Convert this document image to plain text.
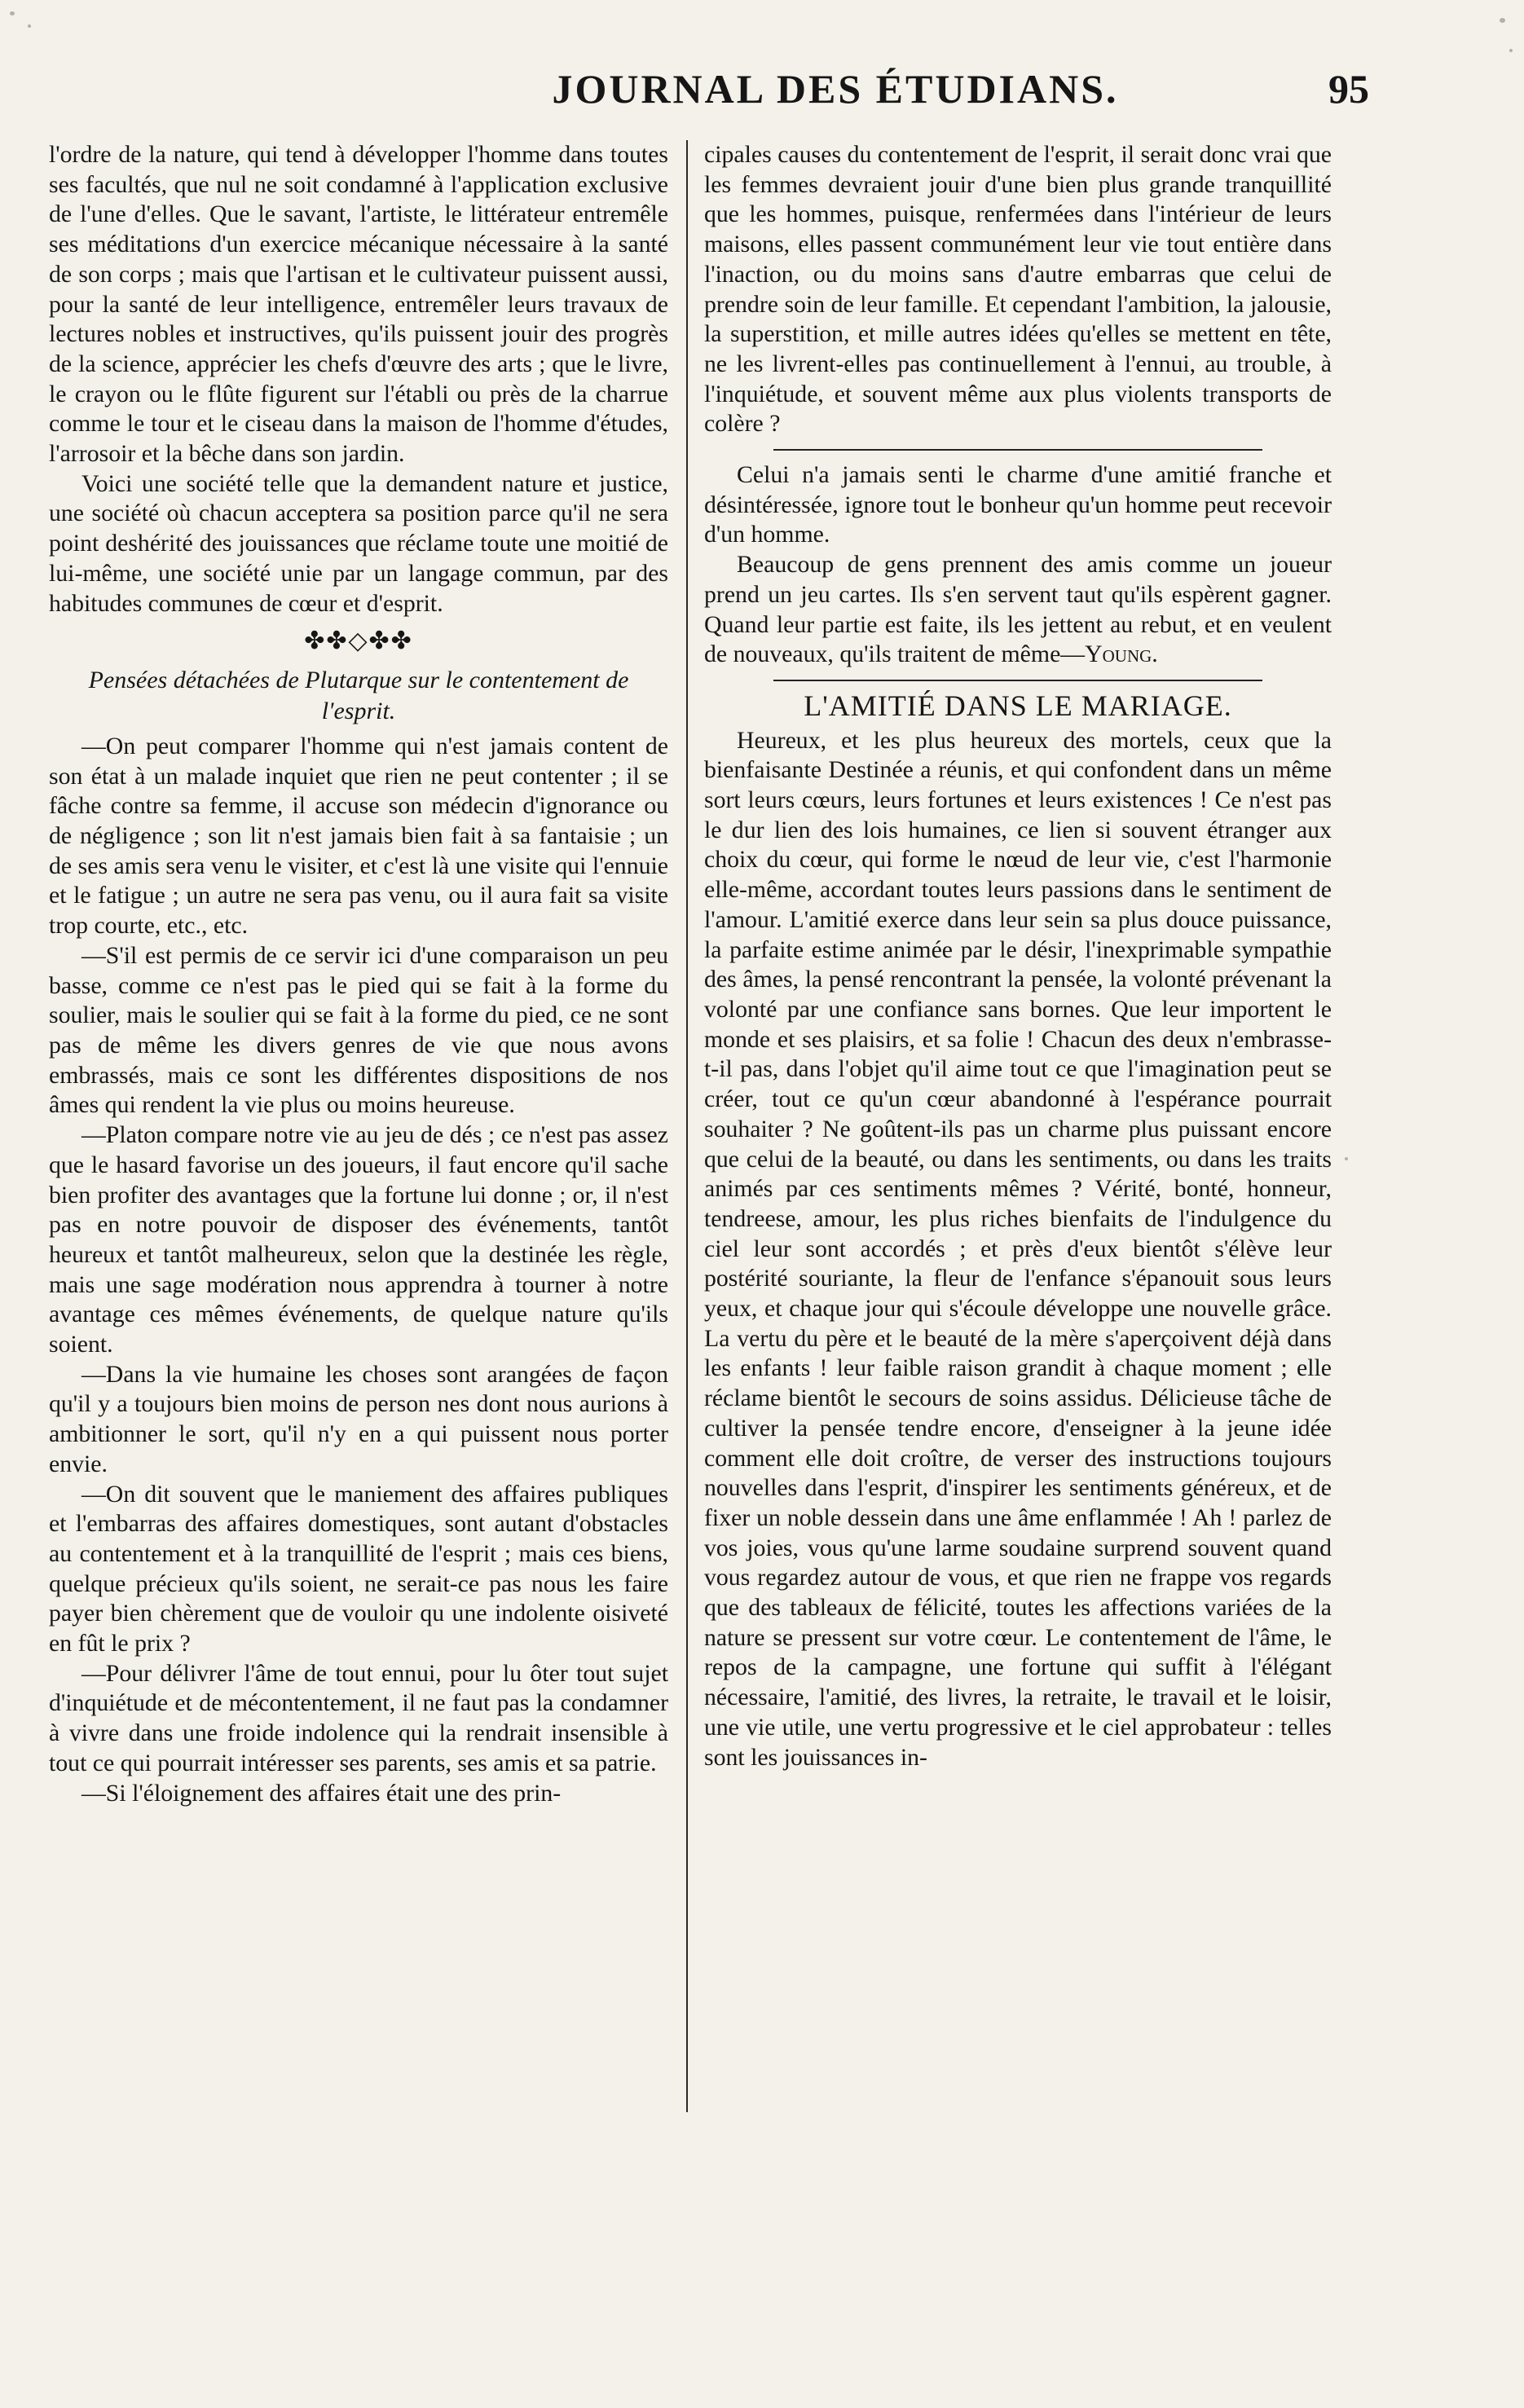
JOURNAL DES ÉTUDIANS.	95

l'ordre de la nature, qui tend à développer l'homme dans toutes ses facultés, que nul ne soit condamné à l'application exclusive de l'une d'elles. Que le savant, l'artiste, le littérateur entremêle ses méditations d'un exercice mécanique nécessaire à la santé de son corps ; mais que l'artisan et le cultivateur puissent aussi, pour la santé de leur intelligence, entremêler leurs travaux de lectures nobles et instructives, qu'ils puissent jouir des progrès de la science, apprécier les chefs d'œuvre des arts ; que le livre, le crayon ou le flûte figurent sur l'établi ou près de la charrue comme le tour et le ciseau dans la maison de l'homme d'études, l'arrosoir et la bêche dans son jardin.

Voici une société telle que la demandent nature et justice, une société où chacun acceptera sa position parce qu'il ne sera point deshérité des jouissances que réclame toute une moitié de lui-même, une société unie par un langage commun, par des habitudes communes de cœur et d'esprit.

✤✤◇✤✤
Pensées détachées de Plutarque sur le contentement de l'esprit.

—On peut comparer l'homme qui n'est jamais content de son état à un malade inquiet que rien ne peut contenter ; il se fâche contre sa femme, il accuse son médecin d'ignorance ou de négligence ; son lit n'est jamais bien fait à sa fantaisie ; un de ses amis sera venu le visiter, et c'est là une visite qui l'ennuie et le fatigue ; un autre ne sera pas venu, ou il aura fait sa visite trop courte, etc., etc.

—S'il est permis de ce servir ici d'une comparaison un peu basse, comme ce n'est pas le pied qui se fait à la forme du soulier, mais le soulier qui se fait à la forme du pied, ce ne sont pas de même les divers genres de vie que nous avons embrassés, mais ce sont les différentes dispositions de nos âmes qui rendent la vie plus ou moins heureuse.

—Platon compare notre vie au jeu de dés ; ce n'est pas assez que le hasard favorise un des joueurs, il faut encore qu'il sache bien profiter des avantages que la fortune lui donne ; or, il n'est pas en notre pouvoir de disposer des événements, tantôt heureux et tantôt malheureux, selon que la destinée les règle, mais une sage modération nous apprendra à tourner à notre avantage ces mêmes événements, de quelque nature qu'ils soient.

—Dans la vie humaine les choses sont arangées de façon qu'il y a toujours bien moins de person nes dont nous aurions à ambitionner le sort, qu'il n'y en a qui puissent nous porter envie.

—On dit souvent que le maniement des affaires publiques et l'embarras des affaires domestiques, sont autant d'obstacles au contentement et à la tranquillité de l'esprit ; mais ces biens, quelque précieux qu'ils soient, ne serait-ce pas nous les faire payer bien chèrement que de vouloir qu une indolente oisiveté en fût le prix ?

—Pour délivrer l'âme de tout ennui, pour lu ôter tout sujet d'inquiétude et de mécontentement, il ne faut pas la condamner à vivre dans une froide indolence qui la rendrait insensible à tout ce qui pourrait intéresser ses parents, ses amis et sa patrie.

—Si l'éloignement des affaires était une des prin-

cipales causes du contentement de l'esprit, il serait donc vrai que les femmes devraient jouir d'une bien plus grande tranquillité que les hommes, puisque, renfermées dans l'intérieur de leurs maisons, elles passent communément leur vie tout entière dans l'inaction, ou du moins sans d'autre embarras que celui de prendre soin de leur famille. Et cependant l'ambition, la jalousie, la superstition, et mille autres idées qu'elles se mettent en tête, ne les livrent-elles pas continuellement à l'ennui, au trouble, à l'inquiétude, et souvent même aux plus violents transports de colère ?

Celui n'a jamais senti le charme d'une amitié franche et désintéressée, ignore tout le bonheur qu'un homme peut recevoir d'un homme.

Beaucoup de gens prennent des amis comme un joueur prend un jeu cartes. Ils s'en servent taut qu'ils espèrent gagner. Quand leur partie est faite, ils les jettent au rebut, et en veulent de nouveaux, qu'ils traitent de même—Young.

L'AMITIÉ DANS LE MARIAGE.

Heureux, et les plus heureux des mortels, ceux que la bienfaisante Destinée a réunis, et qui confondent dans un même sort leurs cœurs, leurs fortunes et leurs existences ! Ce n'est pas le dur lien des lois humaines, ce lien si souvent étranger aux choix du cœur, qui forme le nœud de leur vie, c'est l'harmonie elle-même, accordant toutes leurs passions dans le sentiment de l'amour. L'amitié exerce dans leur sein sa plus douce puissance, la parfaite estime animée par le désir, l'inexprimable sympathie des âmes, la pensé rencontrant la pensée, la volonté prévenant la volonté par une confiance sans bornes. Que leur importent le monde et ses plaisirs, et sa folie ! Chacun des deux n'embrasse-t-il pas, dans l'objet qu'il aime tout ce que l'imagination peut se créer, tout ce qu'un cœur abandonné à l'espérance pourrait souhaiter ? Ne goûtent-ils pas un charme plus puissant encore que celui de la beauté, ou dans les sentiments, ou dans les traits animés par ces sentiments mêmes ? Vérité, bonté, honneur, tendreese, amour, les plus riches bienfaits de l'indulgence du ciel leur sont accordés ; et près d'eux bientôt s'élève leur postérité souriante, la fleur de l'enfance s'épanouit sous leurs yeux, et chaque jour qui s'écoule développe une nouvelle grâce. La vertu du père et le beauté de la mère s'aperçoivent déjà dans les enfants ! leur faible raison grandit à chaque moment ; elle réclame bientôt le secours de soins assidus. Délicieuse tâche de cultiver la pensée tendre encore, d'enseigner à la jeune idée comment elle doit croître, de verser des instructions toujours nouvelles dans l'esprit, d'inspirer les sentiments généreux, et de fixer un noble dessein dans une âme enflammée ! Ah ! parlez de vos joies, vous qu'une larme soudaine surprend souvent quand vous regardez autour de vous, et que rien ne frappe vos regards que des tableaux de félicité, toutes les affections variées de la nature se pressent sur votre cœur. Le contentement de l'âme, le repos de la campagne, une fortune qui suffit à l'élégant nécessaire, l'amitié, des livres, la retraite, le travail et le loisir, une vie utile, une vertu progressive et le ciel approbateur : telles sont les jouissances in-
